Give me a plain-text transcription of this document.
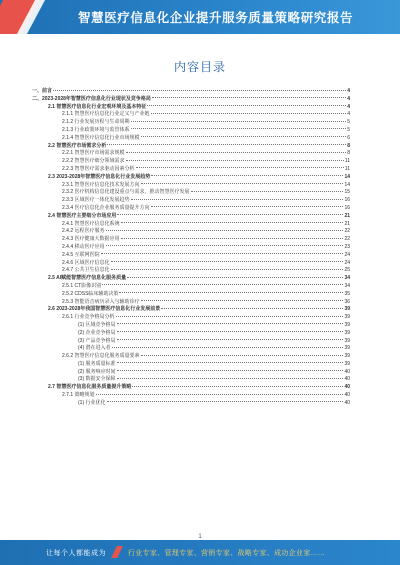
智慧医疗信息化企业提升服务质量策略研究报告
内容目录
一、前言	4
二、2023-2028年智慧医疗信息化行业现状及竞争格局	4
2.1 智慧医疗信息化行业宏观环境及基本特征	4
2.1.1 智慧医疗信息化行业定义与产业链	4
2.1.2 行业发展历程与生命周期	5
2.1.3 行业政策环境与监管体系	5
2.1.4 智慧医疗信息化行业市场规模	6
2.2 智慧医疗市场需求分析	8
2.2.1 智慧医疗市场需求规模	8
2.2.2 智慧医疗细分领域需求	11
2.2.3 智慧医疗需求驱动因素分析	11
2.3 2023-2028年智慧医疗信息化行业发展趋势	14
2.3.1 智慧医疗信息化技术发展方向	14
2.3.2 医疗机构信息化建设重点与需求，推动智慧医疗发展	15
2.3.3 区域医疗一体化发展趋势	16
2.3.4 医疗信息化企业服务质量提升方向	16
2.4 智慧医疗主要细分市场应用	21
2.4.1 智慧医疗信息化系统	21
2.4.2 远程医疗服务	22
2.4.3 医疗健康大数据应用	22
2.4.4 移动医疗应用	23
2.4.5 互联网医院	24
2.4.6 区域医疗信息化	24
2.4.7 公共卫生信息化	25
2.5 AI赋能智慧医疗信息化服务质量	34
2.5.1 CT影像识别	34
2.5.2 CDSS临床辅助决策	35
2.5.3 智能语音病历录入与辅助诊疗	36
2.6 2023-2028年我国智慧医疗信息化行业发展前景	39
2.6.1 行业竞争格局分析	39
(1) 区域竞争格局	39
(2) 企业竞争格局	39
(3) 产品竞争格局	39
(4) 潜在进入者	39
2.6.2 智慧医疗信息化服务质量要素	39
(1) 服务质量标准	39
(2) 服务响应时间	40
(3) 数据安全保障	40
2.7 智慧医疗信息化服务质量提升策略	40
2.7.1 策略规划	40
(1) 行业优化	40
1
让每个人都能成为	行业专家、管理专家、营销专家、战略专家、成功企业家……
